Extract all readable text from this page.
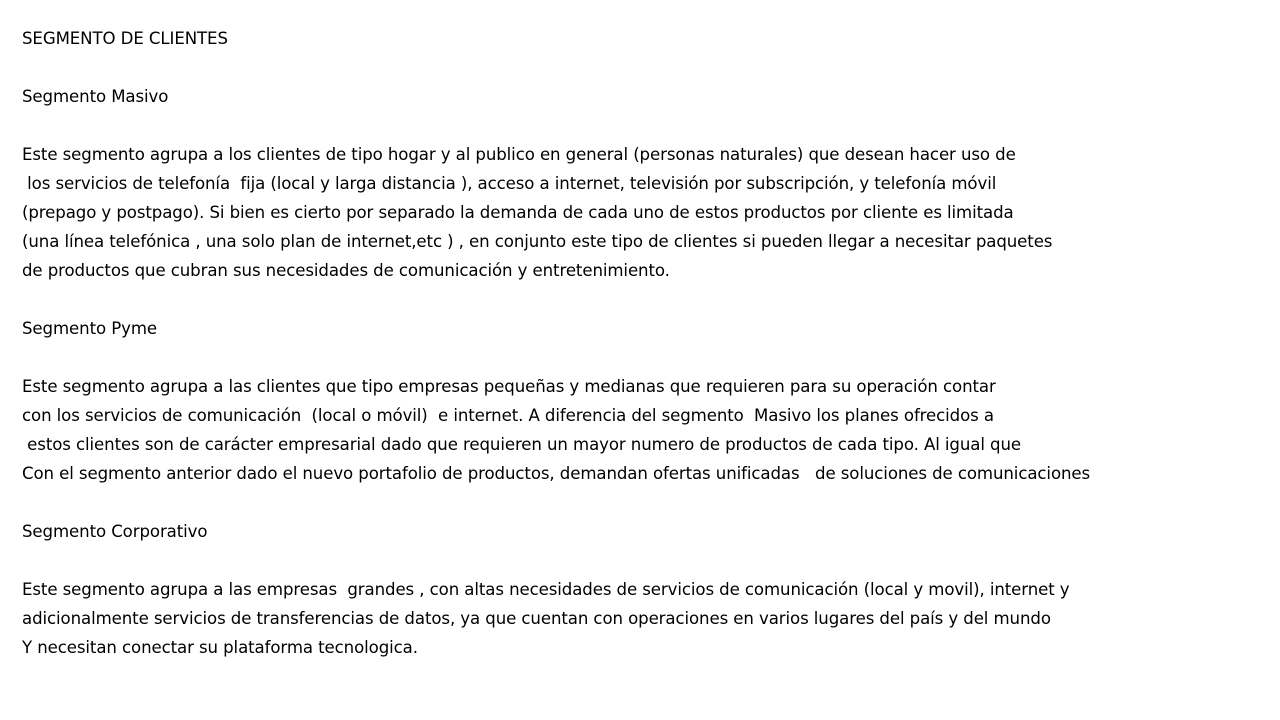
SEGMENTO DE CLIENTES
Segmento Masivo
Este segmento agrupa a los clientes de tipo hogar y al publico en general (personas naturales) que desean hacer uso de
los servicios de telefonía  fija (local y larga distancia ), acceso a internet, televisión por subscripción, y telefonía móvil
(prepago y postpago). Si bien es cierto por separado la demanda de cada uno de estos productos por cliente es limitada
(una línea telefónica , una solo plan de internet,etc ) , en conjunto este tipo de clientes si pueden llegar a necesitar paquetes
de productos que cubran sus necesidades de comunicación y entretenimiento.
Segmento Pyme
Este segmento agrupa a las clientes que tipo empresas pequeñas y medianas que requieren para su operación contar
con los servicios de comunicación  (local o móvil)  e internet. A diferencia del segmento  Masivo los planes ofrecidos a
estos clientes son de carácter empresarial dado que requieren un mayor numero de productos de cada tipo. Al igual que
Con el segmento anterior dado el nuevo portafolio de productos, demandan ofertas unificadas   de soluciones de comunicaciones
Segmento Corporativo
Este segmento agrupa a las empresas  grandes , con altas necesidades de servicios de comunicación (local y movil), internet y
adicionalmente servicios de transferencias de datos, ya que cuentan con operaciones en varios lugares del país y del mundo
Y necesitan conectar su plataforma tecnologica.
